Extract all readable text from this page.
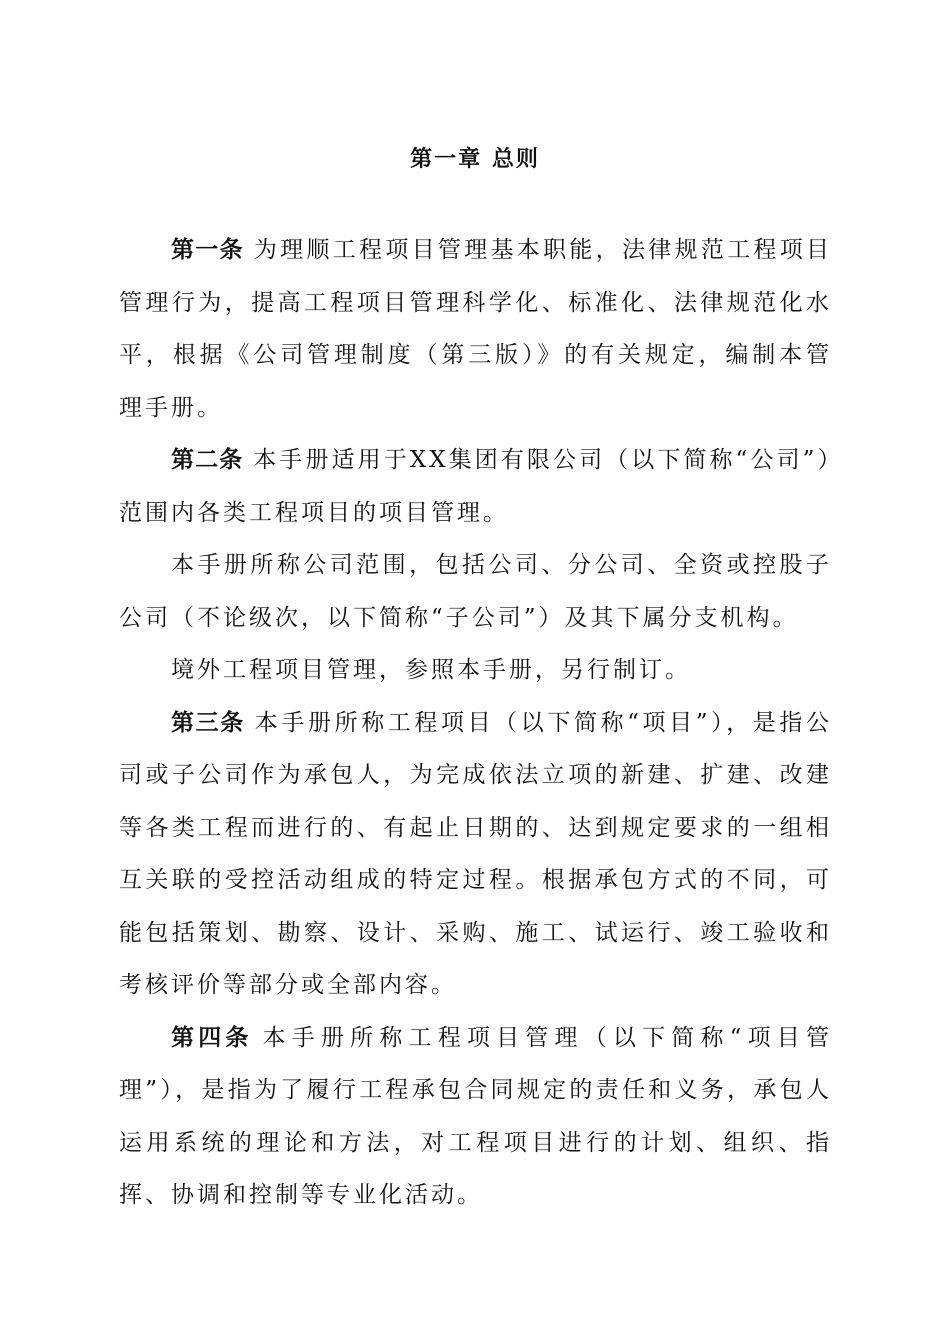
第一章 总则

第一条 为理顺工程项目管理基本职能，法律规范工程项目管理行为，提高工程项目管理科学化、标准化、法律规范化水平，根据《公司管理制度（第三版）》的有关规定，编制本管理手册。

第二条 本手册适用于XX集团有限公司（以下简称“公司”）范围内各类工程项目的项目管理。

本手册所称公司范围，包括公司、分公司、全资或控股子公司（不论级次，以下简称“子公司”）及其下属分支机构。

境外工程项目管理，参照本手册，另行制订。

第三条 本手册所称工程项目（以下简称“项目”），是指公司或子公司作为承包人，为完成依法立项的新建、扩建、改建等各类工程而进行的、有起止日期的、达到规定要求的一组相互关联的受控活动组成的特定过程。根据承包方式的不同，可能包括策划、勘察、设计、采购、施工、试运行、竣工验收和考核评价等部分或全部内容。

第四条 本手册所称工程项目管理（以下简称“项目管理”），是指为了履行工程承包合同规定的责任和义务，承包人运用系统的理论和方法，对工程项目进行的计划、组织、指挥、协调和控制等专业化活动。
